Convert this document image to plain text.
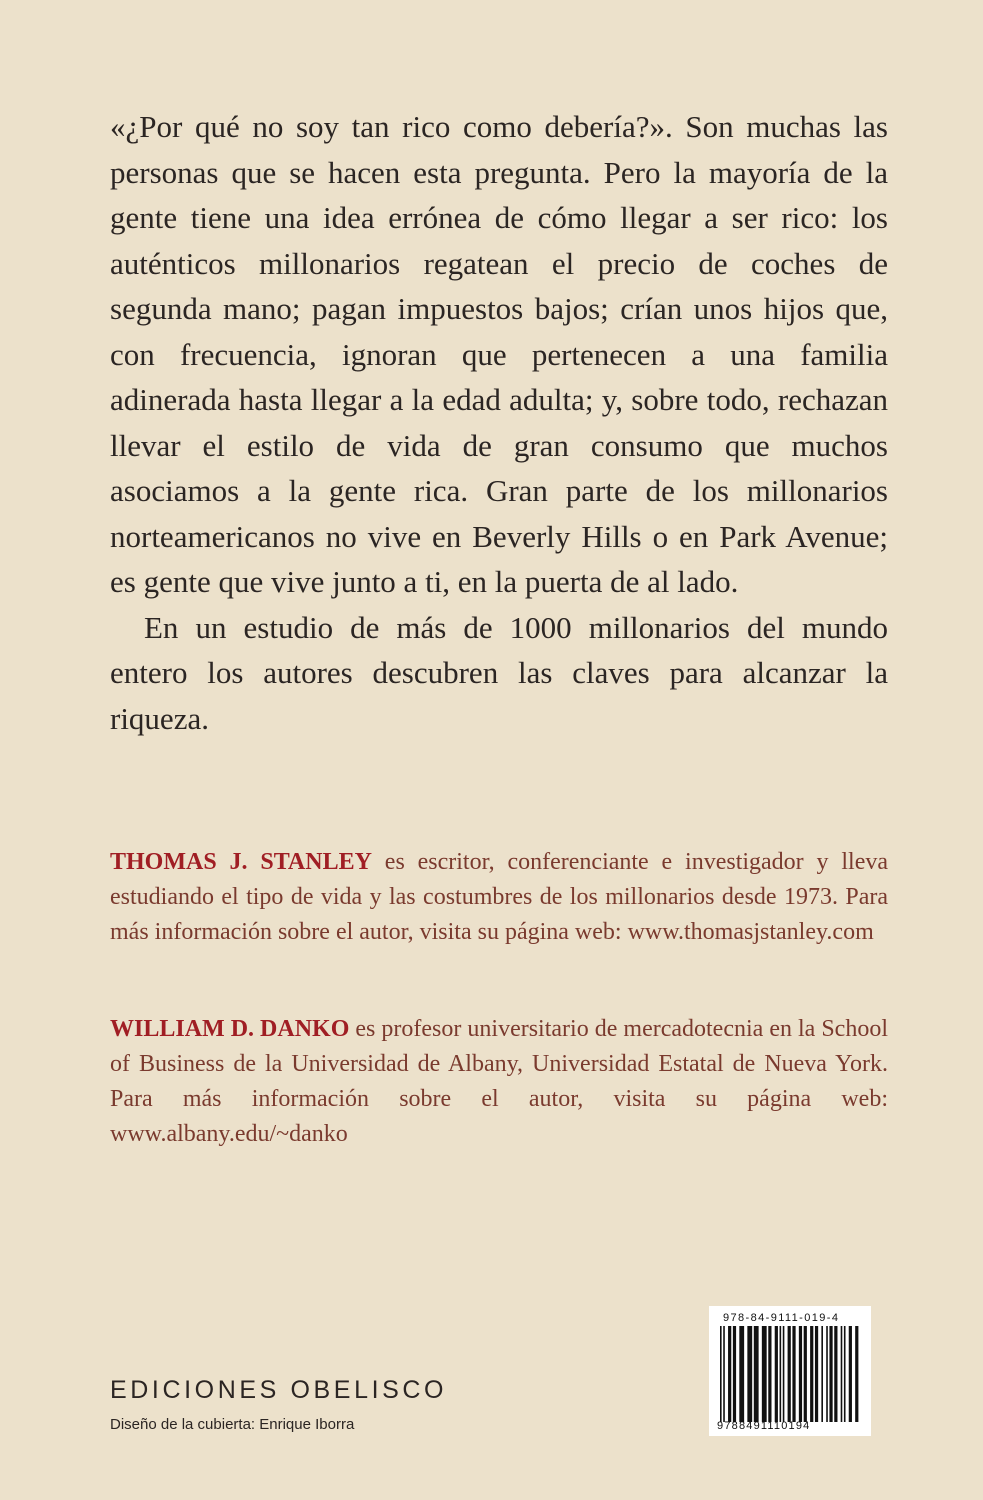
«¿Por qué no soy tan rico como debería?». Son muchas las personas que se hacen esta pregunta. Pero la mayoría de la gente tiene una idea errónea de cómo llegar a ser rico: los auténticos millonarios regatean el precio de coches de segunda mano; pagan impuestos bajos; crían unos hijos que, con frecuencia, ignoran que pertenecen a una familia adinerada hasta llegar a la edad adulta; y, sobre todo, rechazan llevar el estilo de vida de gran consumo que muchos asociamos a la gente rica. Gran parte de los millonarios norteamericanos no vive en Beverly Hills o en Park Avenue; es gente que vive junto a ti, en la puerta de al lado.

En un estudio de más de 1000 millonarios del mundo entero los autores descubren las claves para alcanzar la riqueza.

THOMAS J. STANLEY es escritor, conferenciante e investigador y lleva estudiando el tipo de vida y las costumbres de los millonarios desde 1973. Para más información sobre el autor, visita su página web: www.thomasjstanley.com
WILLIAM D. DANKO es profesor universitario de mercadotecnia en la School of Business de la Universidad de Albany, Universidad Estatal de Nueva York. Para más información sobre el autor, visita su página web: www.albany.edu/~danko
EDICIONES OBELISCO
Diseño de la cubierta: Enrique Iborra
978-84-9111-019-4
9788491110194
